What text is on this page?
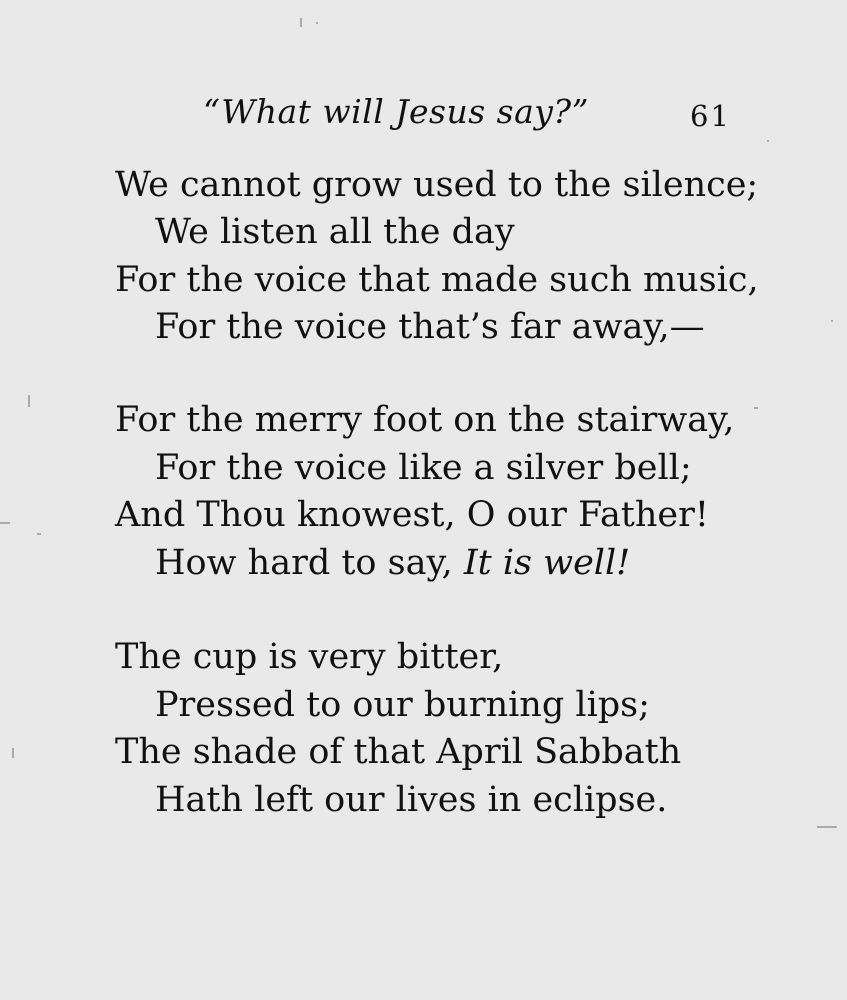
“What will Jesus say?”	61
We cannot grow used to the silence;
We listen all the day
For the voice that made such music,
For the voice that’s far away,—
For the merry foot on the stairway,
For the voice like a silver bell;
And Thou knowest, O our Father!
How hard to say, It is well!
The cup is very bitter,
Pressed to our burning lips;
The shade of that April Sabbath
Hath left our lives in eclipse.
